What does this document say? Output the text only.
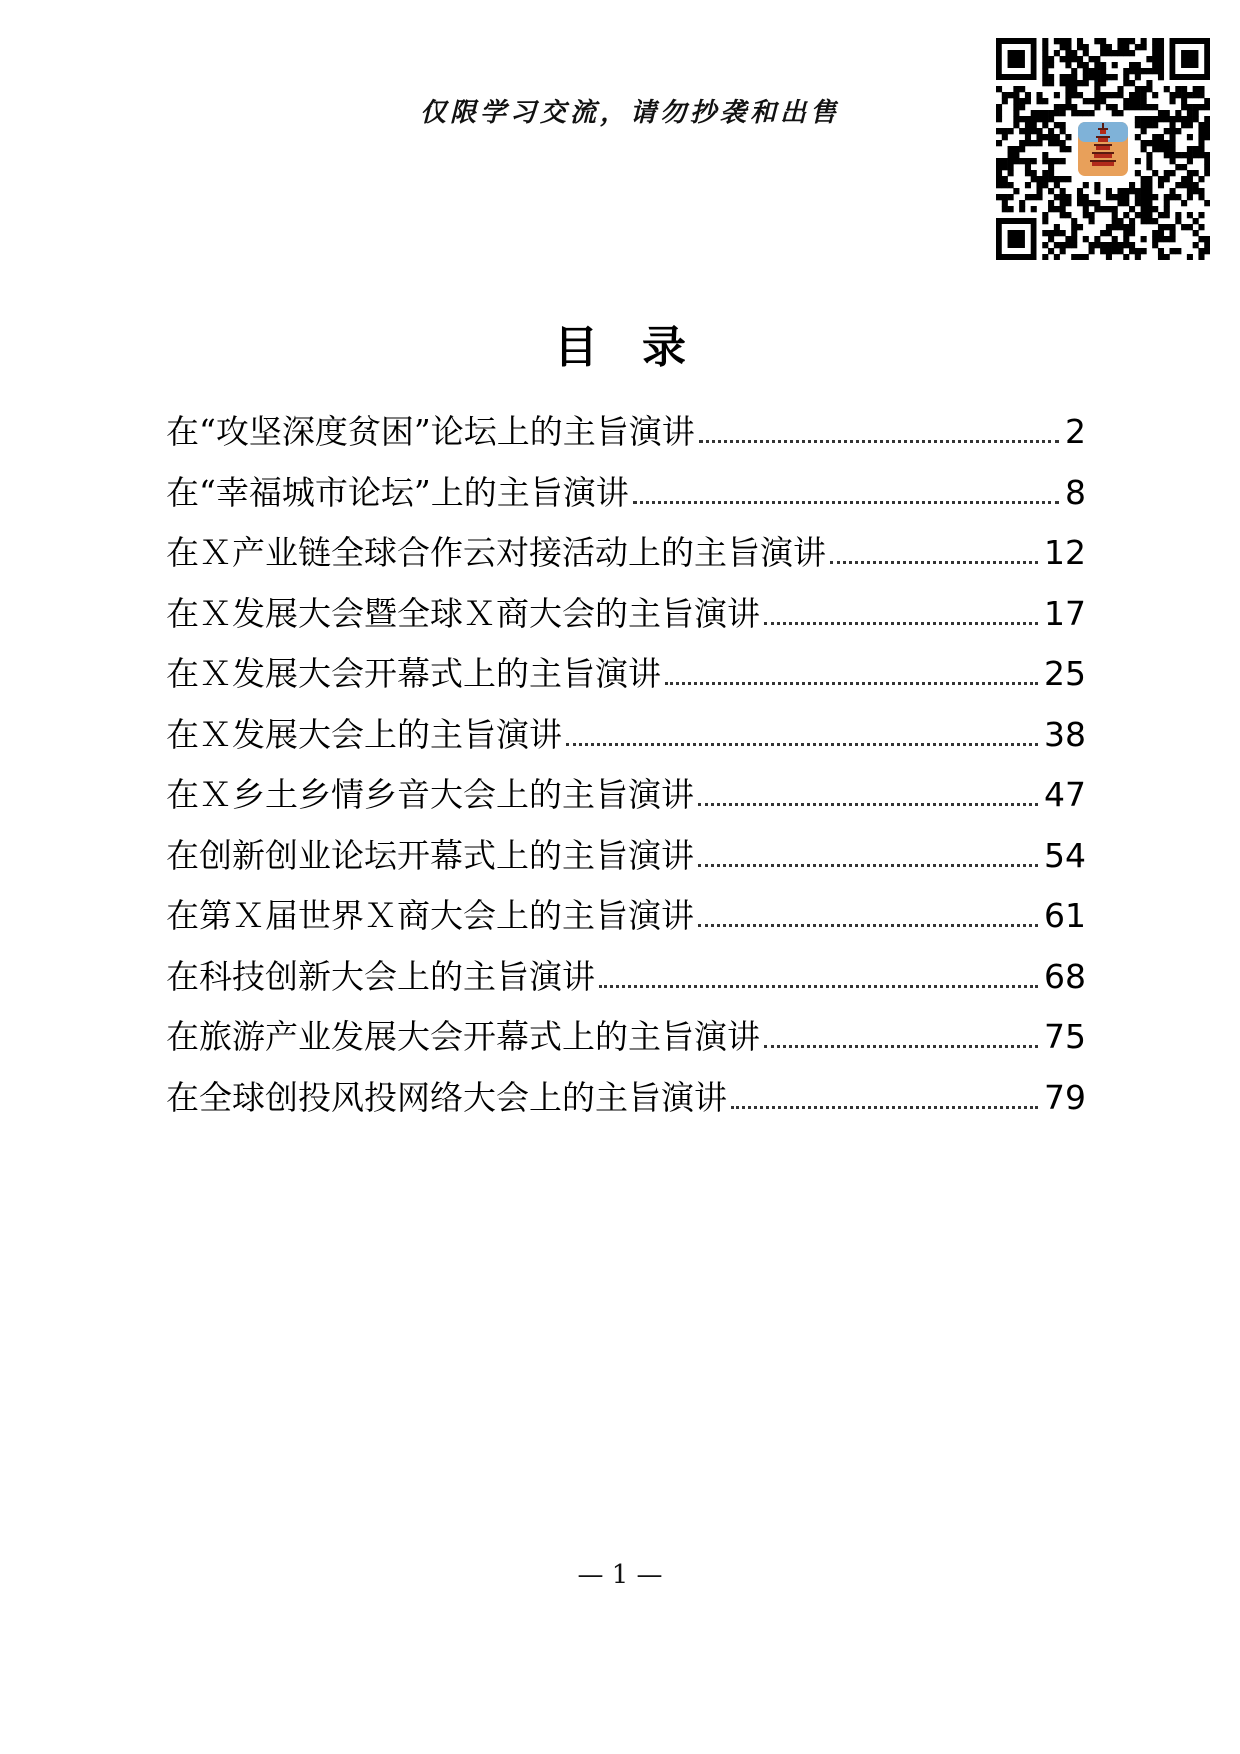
仅限学习交流，请勿抄袭和出售
目　录
在“攻坚深度贫困”论坛上的主旨演讲	2
在“幸福城市论坛”上的主旨演讲	8
在Ｘ产业链全球合作云对接活动上的主旨演讲	12
在Ｘ发展大会暨全球Ｘ商大会的主旨演讲	17
在Ｘ发展大会开幕式上的主旨演讲	25
在Ｘ发展大会上的主旨演讲	38
在Ｘ乡土乡情乡音大会上的主旨演讲	47
在创新创业论坛开幕式上的主旨演讲	54
在第Ｘ届世界Ｘ商大会上的主旨演讲	61
在科技创新大会上的主旨演讲	68
在旅游产业发展大会开幕式上的主旨演讲	75
在全球创投风投网络大会上的主旨演讲	79
— 1 —
